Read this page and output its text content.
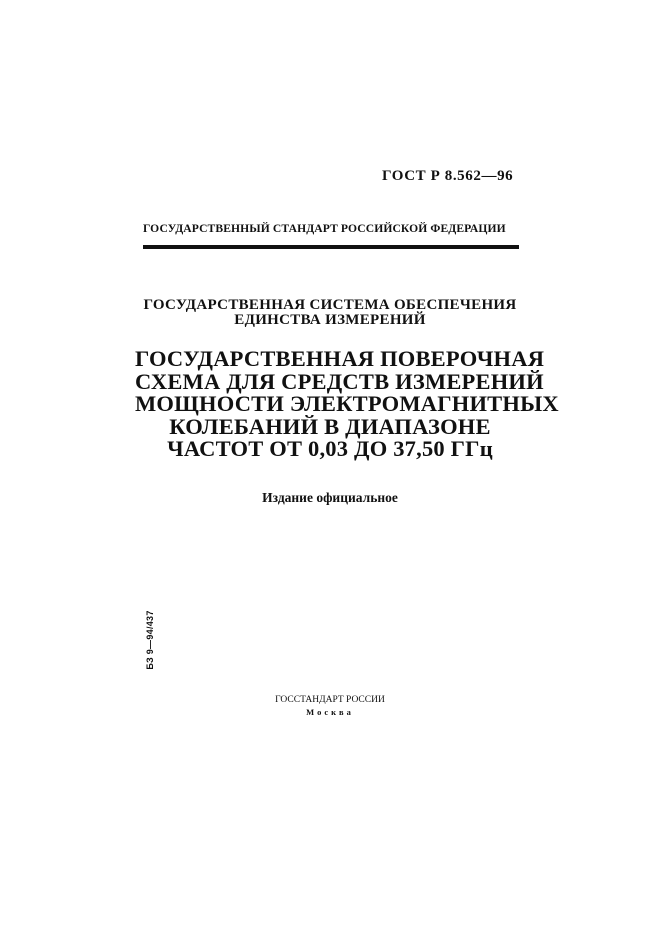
ГОСТ Р 8.562—96
ГОСУДАРСТВЕННЫЙ СТАНДАРТ РОССИЙСКОЙ ФЕДЕРАЦИИ
ГОСУДАРСТВЕННАЯ СИСТЕМА ОБЕСПЕЧЕНИЯ
ЕДИНСТВА ИЗМЕРЕНИЙ
ГОСУДАРСТВЕННАЯ ПОВЕРОЧНАЯ
СХЕМА ДЛЯ СРЕДСТВ ИЗМЕРЕНИЙ
МОЩНОСТИ ЭЛЕКТРОМАГНИТНЫХ
КОЛЕБАНИЙ В ДИАПАЗОНЕ
ЧАСТОТ ОТ 0,03 ДО 37,50 ГГц
Издание официальное
БЗ 9—94/437
ГОССТАНДАРТ РОССИИ
Москва
